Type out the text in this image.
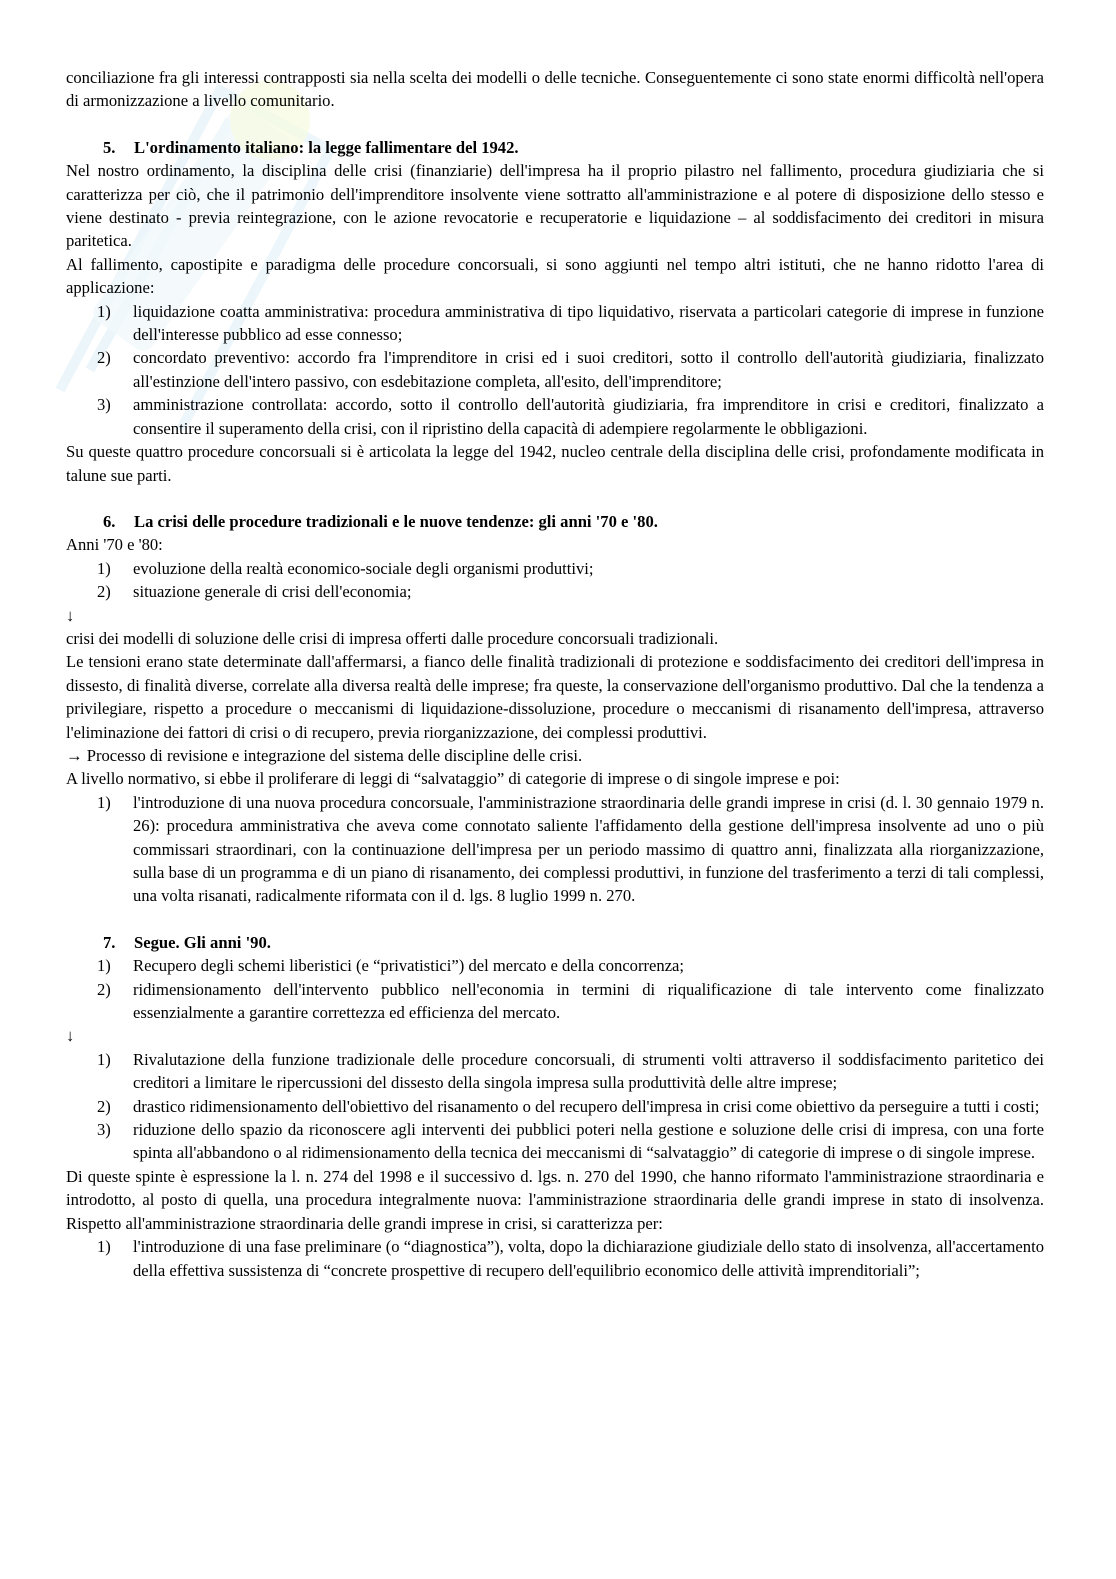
conciliazione fra gli interessi contrapposti sia nella scelta dei modelli o delle tecniche. Conseguentemente ci sono state enormi difficoltà nell'opera di armonizzazione a livello comunitario.

5.	L'ordinamento italiano: la legge fallimentare del 1942.

Nel nostro ordinamento, la disciplina delle crisi (finanziarie) dell'impresa ha il proprio pilastro nel fallimento, procedura giudiziaria che si caratterizza per ciò, che il patrimonio dell'imprenditore insolvente viene sottratto all'amministrazione e al potere di disposizione dello stesso e viene destinato - previa reintegrazione, con le azione revocatorie e recuperatorie e liquidazione – al soddisfacimento dei creditori in misura paritetica.

Al fallimento, capostipite e paradigma delle procedure concorsuali, si sono aggiunti nel tempo altri istituti, che ne hanno ridotto l'area di applicazione:

1)	liquidazione coatta amministrativa: procedura amministrativa di tipo liquidativo, riservata a particolari categorie di imprese in funzione dell'interesse pubblico ad esse connesso;
2)	concordato preventivo: accordo fra l'imprenditore in crisi ed i suoi creditori, sotto il controllo dell'autorità giudiziaria, finalizzato all'estinzione dell'intero passivo, con esdebitazione completa, all'esito, dell'imprenditore;
3)	amministrazione controllata: accordo, sotto il controllo dell'autorità giudiziaria, fra imprenditore in crisi e creditori, finalizzato a consentire il superamento della crisi, con il ripristino della capacità di adempiere regolarmente le obbligazioni.

Su queste quattro procedure concorsuali si è articolata la legge del 1942, nucleo centrale della disciplina delle crisi, profondamente modificata in talune sue parti.

6.	La crisi delle procedure tradizionali e le nuove tendenze: gli anni '70 e '80.

Anni '70 e '80:

1)	evoluzione della realtà economico-sociale degli organismi produttivi;
2)	situazione generale di crisi dell'economia;

↓

crisi dei modelli di soluzione delle crisi di impresa offerti dalle procedure concorsuali tradizionali.

Le tensioni erano state determinate dall'affermarsi, a fianco delle finalità tradizionali di protezione e soddisfacimento dei creditori dell'impresa in dissesto, di finalità diverse, correlate alla diversa realtà delle imprese; fra queste, la conservazione dell'organismo produttivo. Dal che la tendenza a privilegiare, rispetto a procedure o meccanismi di liquidazione-dissoluzione, procedure o meccanismi di risanamento dell'impresa, attraverso l'eliminazione dei fattori di crisi o di recupero, previa riorganizzazione, dei complessi produttivi.

→ Processo di revisione e integrazione del sistema delle discipline delle crisi.

A livello normativo, si ebbe il proliferare di leggi di “salvataggio” di categorie di imprese o di singole imprese e poi:

1)	l'introduzione di una nuova procedura concorsuale, l'amministrazione straordinaria delle grandi imprese in crisi (d. l. 30 gennaio 1979 n. 26): procedura amministrativa che aveva come connotato saliente l'affidamento della gestione dell'impresa insolvente ad uno o più commissari straordinari, con la continuazione dell'impresa per un periodo massimo di quattro anni, finalizzata alla riorganizzazione, sulla base di un programma e di un piano di risanamento, dei complessi produttivi, in funzione del trasferimento a terzi di tali complessi, una volta risanati, radicalmente riformata con il d. lgs. 8 luglio 1999 n. 270.
7.	Segue. Gli anni '90.
1)	Recupero degli schemi liberistici (e “privatistici”) del mercato e della concorrenza;
2)	ridimensionamento dell'intervento pubblico nell'economia in termini di riqualificazione di tale intervento come finalizzato essenzialmente a garantire correttezza ed efficienza del mercato.

↓

1)	Rivalutazione della funzione tradizionale delle procedure concorsuali, di strumenti volti attraverso il soddisfacimento paritetico dei creditori a limitare le ripercussioni del dissesto della singola impresa sulla produttività delle altre imprese;
2)	drastico ridimensionamento dell'obiettivo del risanamento o del recupero dell'impresa in crisi come obiettivo da perseguire a tutti i costi;
3)	riduzione dello spazio da riconoscere agli interventi dei pubblici poteri nella gestione e soluzione delle crisi di impresa, con una forte spinta all'abbandono o al ridimensionamento della tecnica dei meccanismi di “salvataggio” di categorie di imprese o di singole imprese.

Di queste spinte è espressione la l. n. 274 del 1998 e il successivo d. lgs. n. 270 del 1990, che hanno riformato l'amministrazione straordinaria e introdotto, al posto di quella, una procedura integralmente nuova: l'amministrazione straordinaria delle grandi imprese in stato di insolvenza. Rispetto all'amministrazione straordinaria delle grandi imprese in crisi, si caratterizza per:

1)	l'introduzione di una fase preliminare (o “diagnostica”), volta, dopo la dichiarazione giudiziale dello stato di insolvenza, all'accertamento della effettiva sussistenza di “concrete prospettive di recupero dell'equilibrio economico delle attività imprenditoriali”;
